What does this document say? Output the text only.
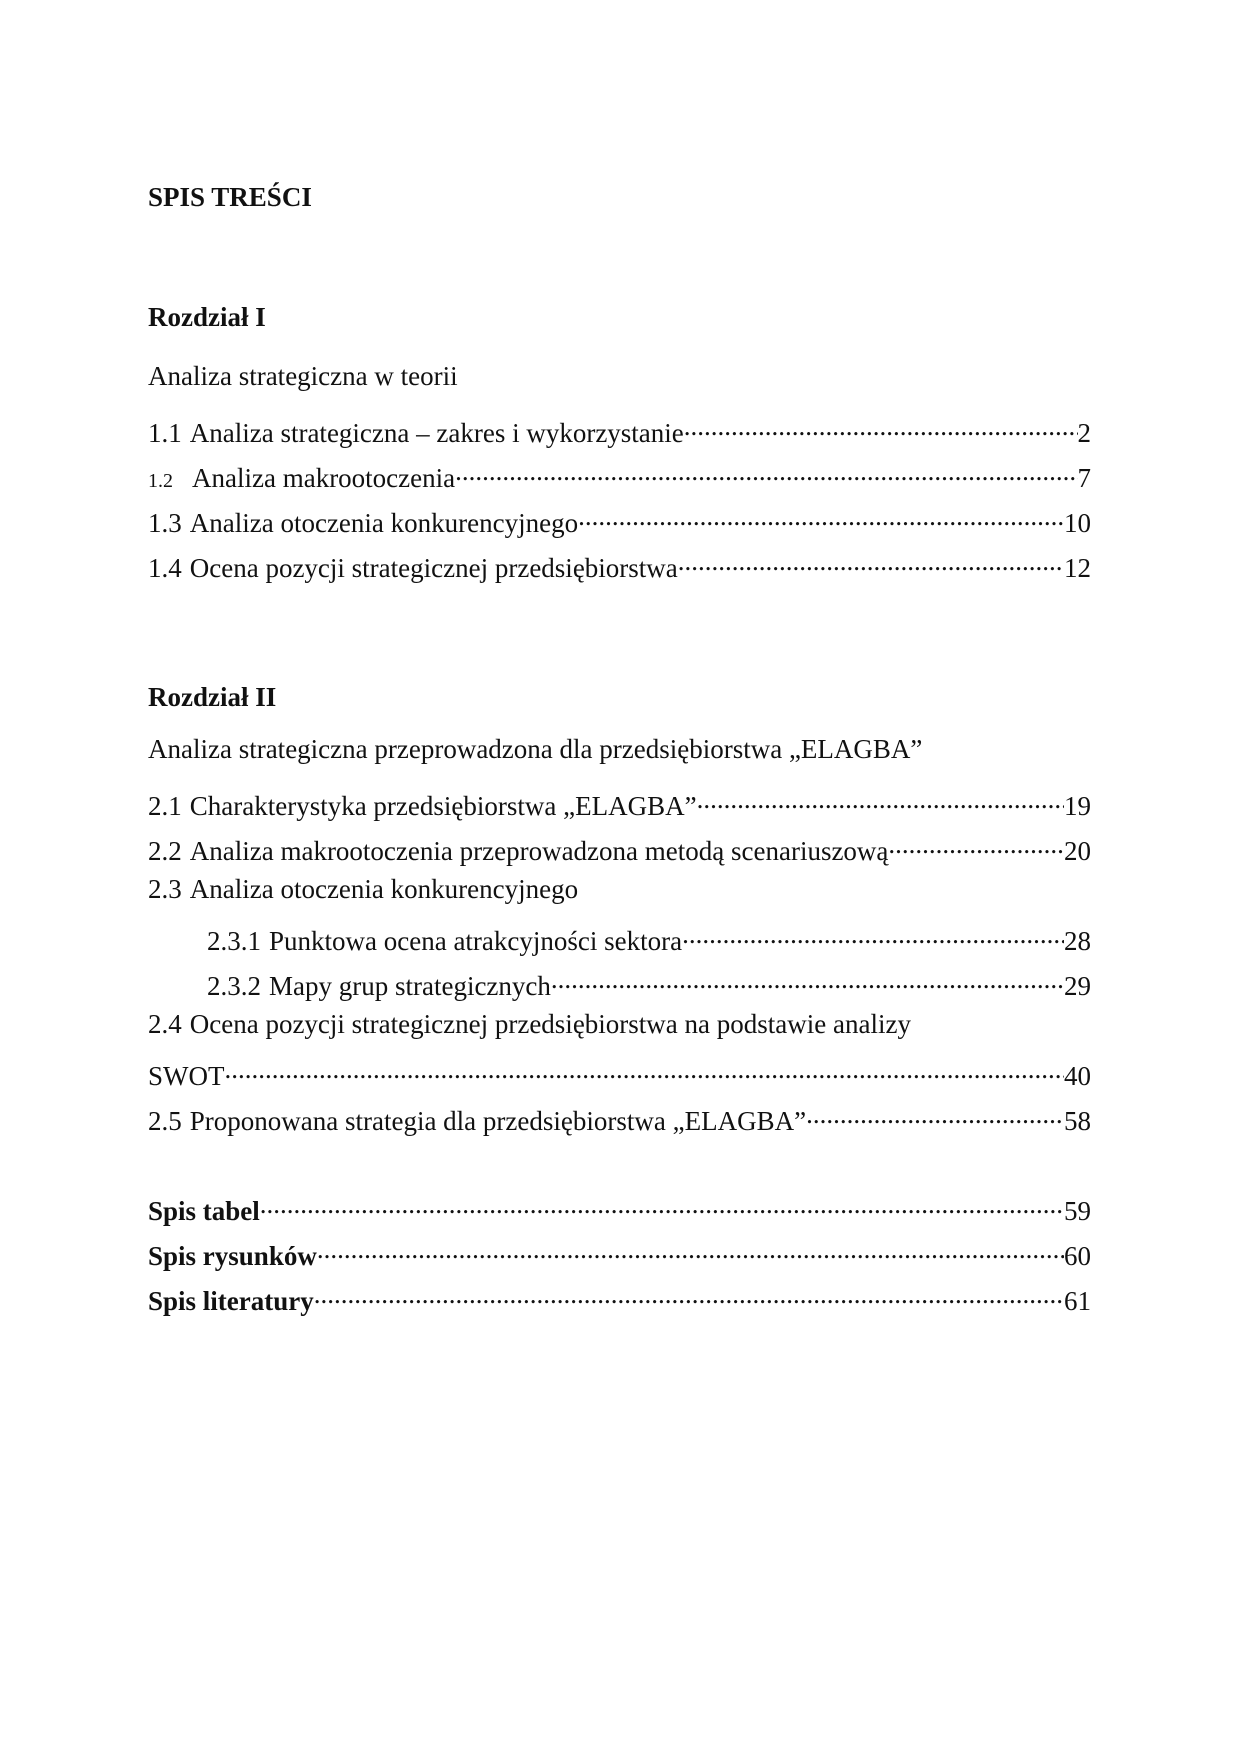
SPIS TREŚCI
Rozdział I
Analiza strategiczna w teorii
1.1 Analiza strategiczna – zakres i wykorzystanie .....	2
1.2 Analiza makrootoczenia .....	7
1.3 Analiza otoczenia konkurencyjnego .....	10
1.4 Ocena pozycji strategicznej przedsiębiorstwa .....	12
Rozdział II
Analiza strategiczna przeprowadzona dla przedsiębiorstwa „ELAGBA”
2.1 Charakterystyka przedsiębiorstwa „ELAGBA” .....	19
2.2 Analiza makrootoczenia przeprowadzona metodą scenariuszową .....	20
2.3 Analiza otoczenia konkurencyjnego
2.3.1 Punktowa ocena atrakcyjności sektora .....	28
2.3.2 Mapy grup strategicznych .....	29
2.4 Ocena pozycji strategicznej przedsiębiorstwa na podstawie analizy
SWOT .....	40
2.5 Proponowana strategia dla przedsiębiorstwa „ELAGBA” .....	58
Spis tabel .....	59
Spis rysunków .....	60
Spis literatury .....	61
